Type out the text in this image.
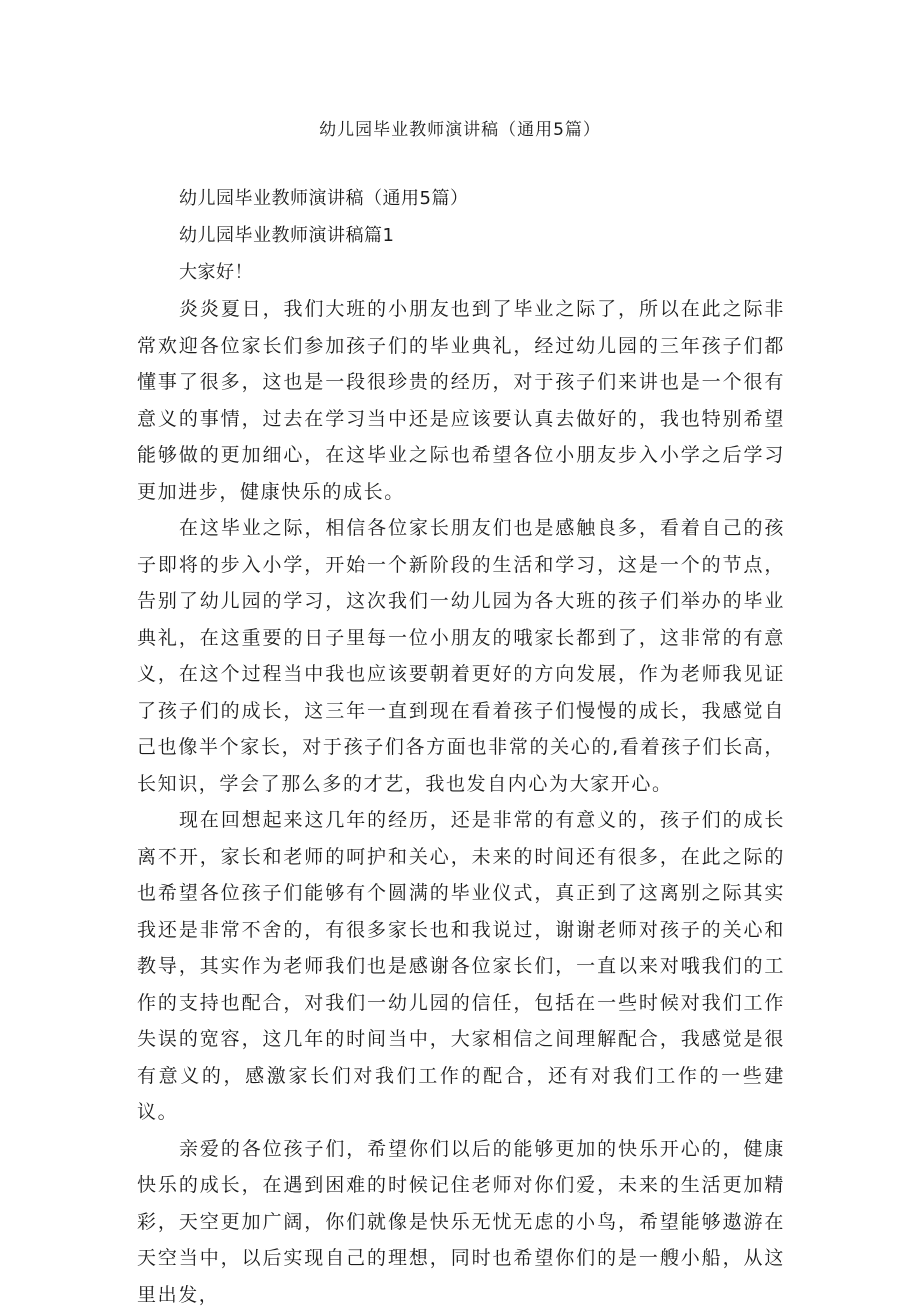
幼儿园毕业教师演讲稿（通用5篇）

幼儿园毕业教师演讲稿（通用5篇）

幼儿园毕业教师演讲稿篇1

大家好！

炎炎夏日，我们大班的小朋友也到了毕业之际了，所以在此之际非常欢迎各位家长们参加孩子们的毕业典礼，经过幼儿园的三年孩子们都懂事了很多，这也是一段很珍贵的经历，对于孩子们来讲也是一个很有意义的事情，过去在学习当中还是应该要认真去做好的，我也特别希望能够做的更加细心，在这毕业之际也希望各位小朋友步入小学之后学习更加进步，健康快乐的成长。

在这毕业之际，相信各位家长朋友们也是感触良多，看着自己的孩子即将的步入小学，开始一个新阶段的生活和学习，这是一个的节点，告别了幼儿园的学习，这次我们一幼儿园为各大班的孩子们举办的毕业典礼，在这重要的日子里每一位小朋友的哦家长都到了，这非常的有意义，在这个过程当中我也应该要朝着更好的方向发展，作为老师我见证了孩子们的成长，这三年一直到现在看着孩子们慢慢的成长，我感觉自己也像半个家长，对于孩子们各方面也非常的关心的,看着孩子们长高，长知识，学会了那么多的才艺，我也发自内心为大家开心。

现在回想起来这几年的经历，还是非常的有意义的，孩子们的成长离不开，家长和老师的呵护和关心，未来的时间还有很多，在此之际的也希望各位孩子们能够有个圆满的毕业仪式，真正到了这离别之际其实我还是非常不舍的，有很多家长也和我说过，谢谢老师对孩子的关心和教导，其实作为老师我们也是感谢各位家长们，一直以来对哦我们的工作的支持也配合，对我们一幼儿园的信任，包括在一些时候对我们工作失误的宽容，这几年的时间当中，大家相信之间理解配合，我感觉是很有意义的，感激家长们对我们工作的配合，还有对我们工作的一些建议。

亲爱的各位孩子们，希望你们以后的能够更加的快乐开心的，健康快乐的成长，在遇到困难的时候记住老师对你们爱，未来的生活更加精彩，天空更加广阔，你们就像是快乐无忧无虑的小鸟，希望能够遨游在天空当中，以后实现自己的理想，同时也希望你们的是一艘小船，从这里出发，
